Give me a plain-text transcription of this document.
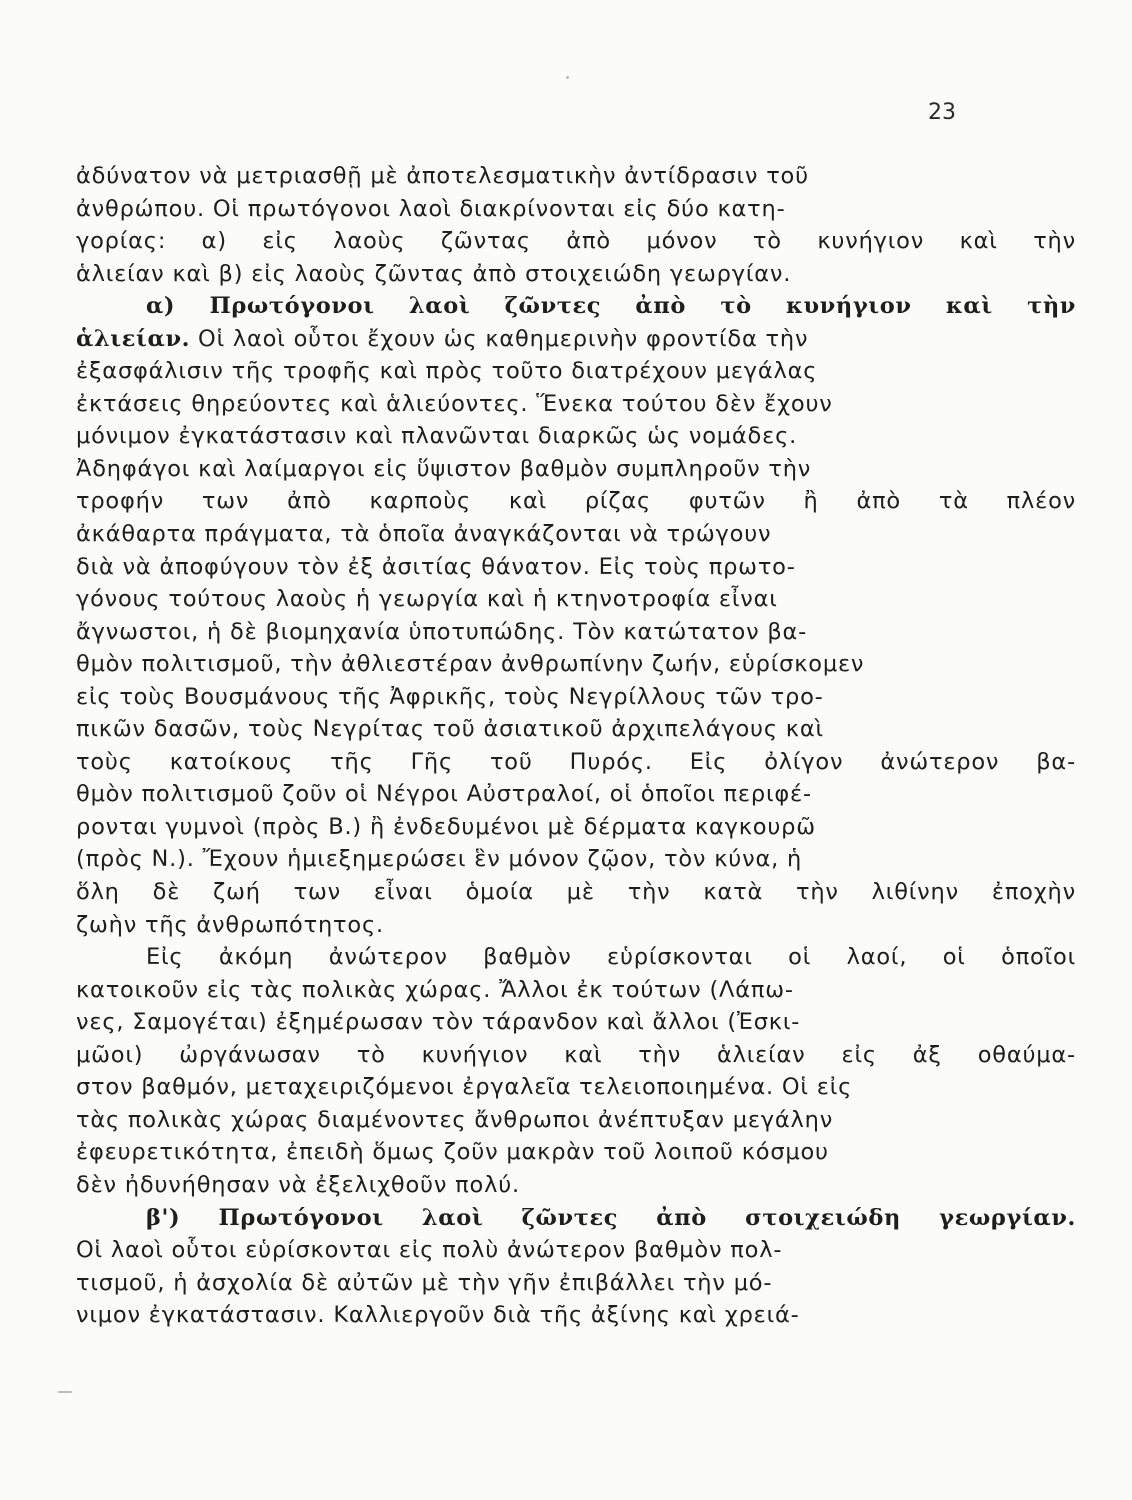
23
ἀδύνατον νὰ μετριασθῇ μὲ ἀποτελεσματικὴν ἀντίδρασιν τοῦ
ἀνθρώπου. Οἱ πρωτόγονοι λαοὶ διακρίνονται εἰς δύο κατη-
γορίας: α) εἰς λαοὺς ζῶντας ἀπὸ μόνον τὸ κυνήγιον καὶ τὴν
ἁλιείαν καὶ β) εἰς λαοὺς ζῶντας ἀπὸ στοιχειώδη γεωργίαν.
α) Πρωτόγονοι λαοὶ ζῶντες ἀπὸ τὸ κυνήγιον καὶ τὴν
ἁλιείαν. Οἱ λαοὶ οὗτοι ἔχουν ὡς καθημερινὴν φροντίδα τὴν
ἐξασφάλισιν τῆς τροφῆς καὶ πρὸς τοῦτο διατρέχουν μεγάλας
ἐκτάσεις θηρεύοντες καὶ ἁλιεύοντες. Ἕνεκα τούτου δὲν ἔχουν
μόνιμον ἐγκατάστασιν καὶ πλανῶνται διαρκῶς ὡς νομάδες.
Ἀδηφάγοι καὶ λαίμαργοι εἰς ὕψιστον βαθμὸν συμπληροῦν τὴν
τροφήν των ἀπὸ καρποὺς καὶ ρίζας φυτῶν ἢ ἀπὸ τὰ πλέον
ἀκάθαρτα πράγματα, τὰ ὁποῖα ἀναγκάζονται νὰ τρώγουν
διὰ νὰ ἀποφύγουν τὸν ἐξ ἀσιτίας θάνατον. Εἰς τοὺς πρωτο-
γόνους τούτους λαοὺς ἡ γεωργία καὶ ἡ κτηνοτροφία εἶναι
ἄγνωστοι, ἡ δὲ βιομηχανία ὑποτυπώδης. Τὸν κατώτατον βα-
θμὸν πολιτισμοῦ, τὴν ἀθλιεστέραν ἀνθρωπίνην ζωήν, εὑρίσκομεν
εἰς τοὺς Βουσμάνους τῆς Ἀφρικῆς, τοὺς Νεγρίλλους τῶν τρο-
πικῶν δασῶν, τοὺς Νεγρίτας τοῦ ἀσιατικοῦ ἀρχιπελάγους καὶ
τοὺς κατοίκους τῆς Γῆς τοῦ Πυρός. Εἰς ὀλίγον ἀνώτερον βα-
θμὸν πολιτισμοῦ ζοῦν οἱ Νέγροι Αὐστραλοί, οἱ ὁποῖοι περιφέ-
ρονται γυμνοὶ (πρὸς Β.) ἢ ἐνδεδυμένοι μὲ δέρματα καγκουρῶ
(πρὸς Ν.). Ἔχουν ἡμιεξημερώσει ἓν μόνον ζῷον, τὸν κύνα, ἡ
ὅλη δὲ ζωή των εἶναι ὁμοία μὲ τὴν κατὰ τὴν λιθίνην ἐποχὴν
ζωὴν τῆς ἀνθρωπότητος.
Εἰς ἀκόμη ἀνώτερον βαθμὸν εὑρίσκονται οἱ λαοί, οἱ ὁποῖοι
κατοικοῦν εἰς τὰς πολικὰς χώρας. Ἄλλοι ἐκ τούτων (Λάπω-
νες, Σαμογέται) ἐξημέρωσαν τὸν τάρανδον καὶ ἄλλοι (Ἐσκι-
μῶοι) ὠργάνωσαν τὸ κυνήγιον καὶ τὴν ἁλιείαν εἰς ἀξ οθαύμα-
στον βαθμόν, μεταχειριζόμενοι ἐργαλεῖα τελειοποιημένα. Οἱ εἰς
τὰς πολικὰς χώρας διαμένοντες ἄνθρωποι ἀνέπτυξαν μεγάλην
ἐφευρετικότητα, ἐπειδὴ ὅμως ζοῦν μακρὰν τοῦ λοιποῦ κόσμου
δὲν ἠδυνήθησαν νὰ ἐξελιχθοῦν πολύ.
β') Πρωτόγονοι λαοὶ ζῶντες ἀπὸ στοιχειώδη γεωργίαν.
Οἱ λαοὶ οὗτοι εὑρίσκονται εἰς πολὺ ἀνώτερον βαθμὸν πολ-
τισμοῦ, ἡ ἀσχολία δὲ αὐτῶν μὲ τὴν γῆν ἐπιβάλλει τὴν μό-
νιμον ἐγκατάστασιν. Καλλιεργοῦν διὰ τῆς ἀξίνης καὶ χρειά-
